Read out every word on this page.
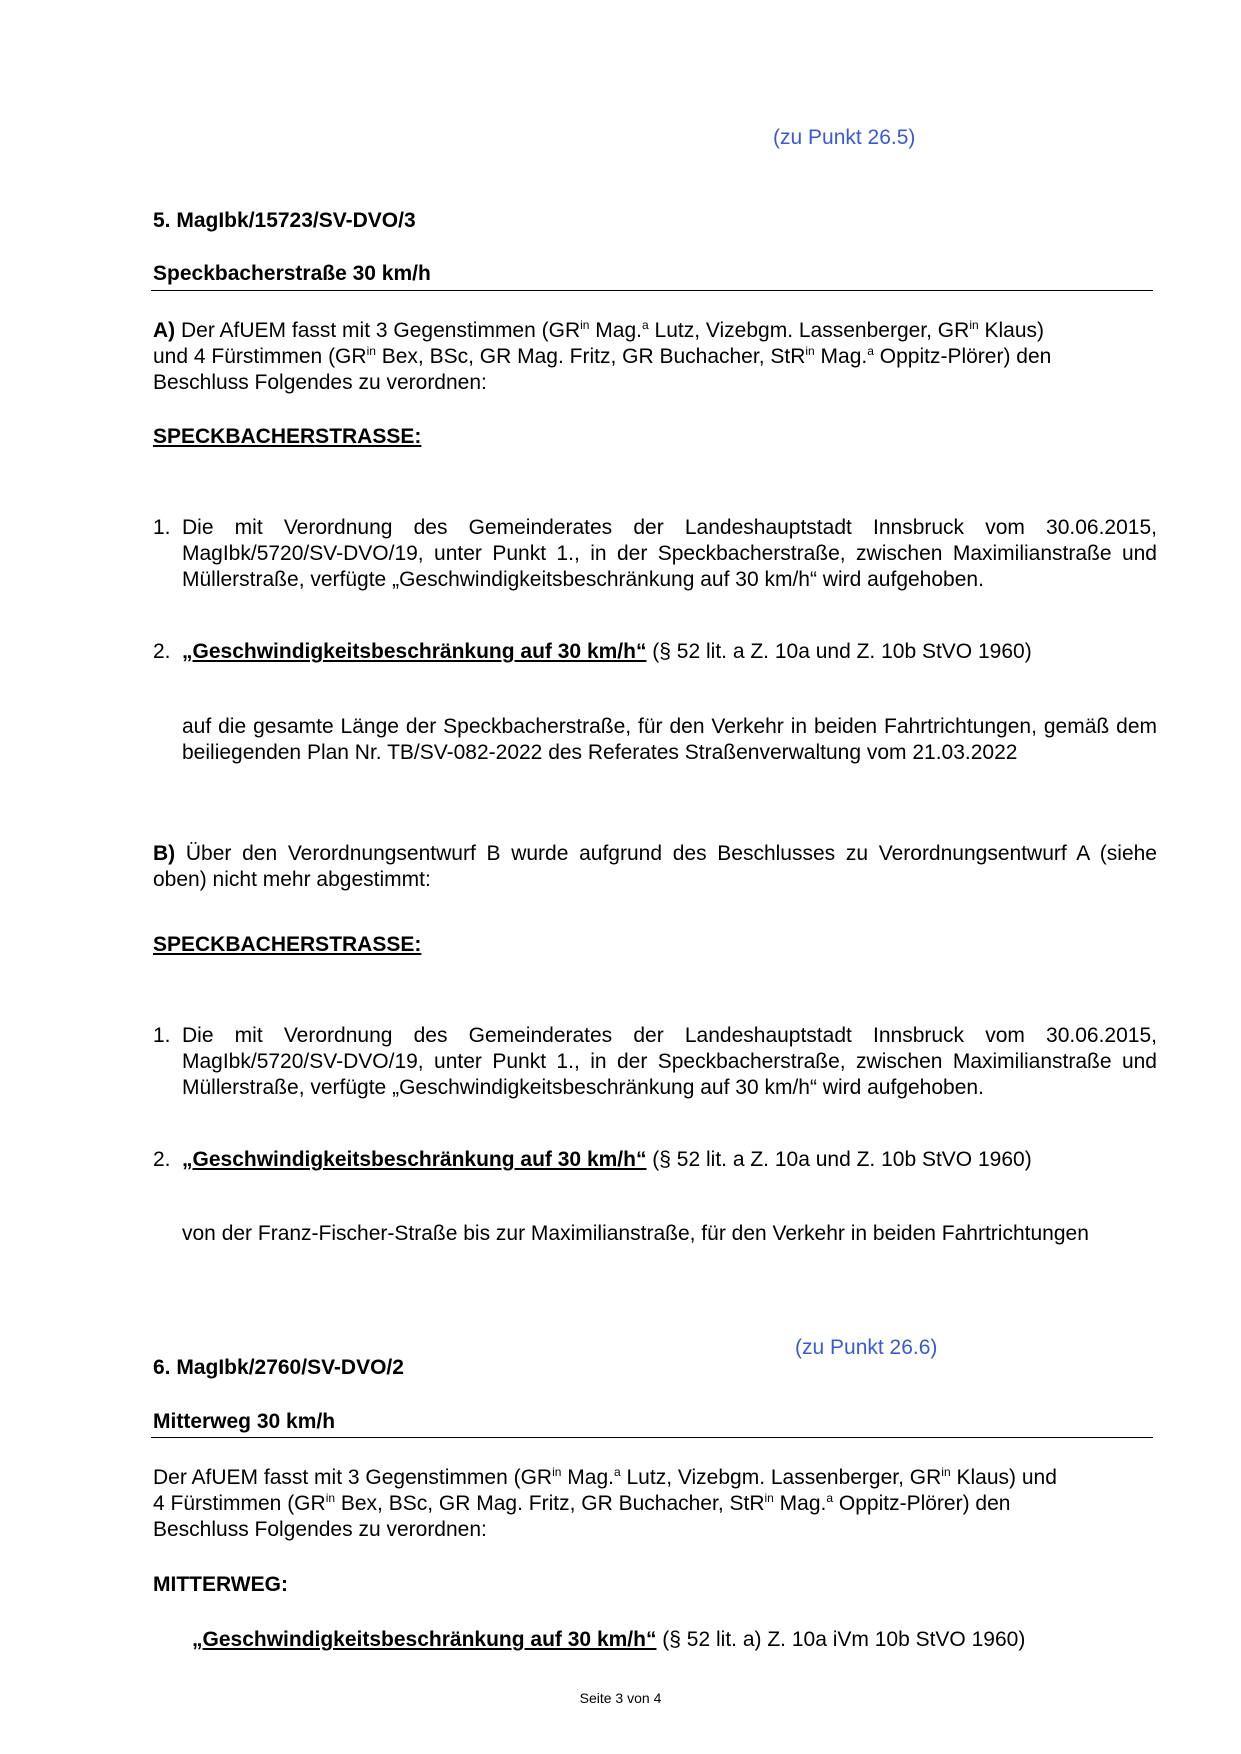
(zu Punkt 26.5)
5. MagIbk/15723/SV-DVO/3
Speckbacherstraße 30 km/h
A) Der AfUEM fasst mit 3 Gegenstimmen ($GR^{in}$ Mag.$^a$ Lutz, Vizebgm. Lassenberger, $GR^{in}$ Klaus)
und 4 Fürstimmen ($GR^{in}$ Bex, BSc, GR Mag. Fritz, GR Buchacher, StR$^{in}$ Mag.$^a$ Oppitz-Plörer) den
Beschluss Folgendes zu verordnen:
SPECKBACHERSTRASSE:
1. Die mit Verordnung des Gemeinderates der Landeshauptstadt Innsbruck vom 30.06.2015, MagIbk/5720/SV-DVO/19, unter Punkt 1., in der Speckbacherstraße, zwischen Maximilianstraße und Müllerstraße, verfügte „Geschwindigkeitsbeschränkung auf 30 km/h“ wird aufgehoben.
2. „Geschwindigkeitsbeschränkung auf 30 km/h“ (§ 52 lit. a Z. 10a und Z. 10b StVO 1960)
auf die gesamte Länge der Speckbacherstraße, für den Verkehr in beiden Fahrtrichtungen, gemäß dem beiliegenden Plan Nr. TB/SV-082-2022 des Referates Straßenverwaltung vom 21.03.2022
B) Über den Verordnungsentwurf B wurde aufgrund des Beschlusses zu Verordnungsentwurf A (siehe oben) nicht mehr abgestimmt:
SPECKBACHERSTRASSE:
1. Die mit Verordnung des Gemeinderates der Landeshauptstadt Innsbruck vom 30.06.2015, MagIbk/5720/SV-DVO/19, unter Punkt 1., in der Speckbacherstraße, zwischen Maximilianstraße und Müllerstraße, verfügte „Geschwindigkeitsbeschränkung auf 30 km/h“ wird aufgehoben.
2. „Geschwindigkeitsbeschränkung auf 30 km/h“ (§ 52 lit. a Z. 10a und Z. 10b StVO 1960)
von der Franz-Fischer-Straße bis zur Maximilianstraße, für den Verkehr in beiden Fahrtrichtungen
(zu Punkt 26.6)
6. MagIbk/2760/SV-DVO/2
Mitterweg 30 km/h
Der AfUEM fasst mit 3 Gegenstimmen ($GR^{in}$ Mag.$^a$ Lutz, Vizebgm. Lassenberger, $GR^{in}$ Klaus) und
4 Fürstimmen ($GR^{in}$ Bex, BSc, GR Mag. Fritz, GR Buchacher, StR$^{in}$ Mag.$^a$ Oppitz-Plörer) den
Beschluss Folgendes zu verordnen:
MITTERWEG:
„Geschwindigkeitsbeschränkung auf 30 km/h“ (§ 52 lit. a) Z. 10a iVm 10b StVO 1960)
Seite 3 von 4
